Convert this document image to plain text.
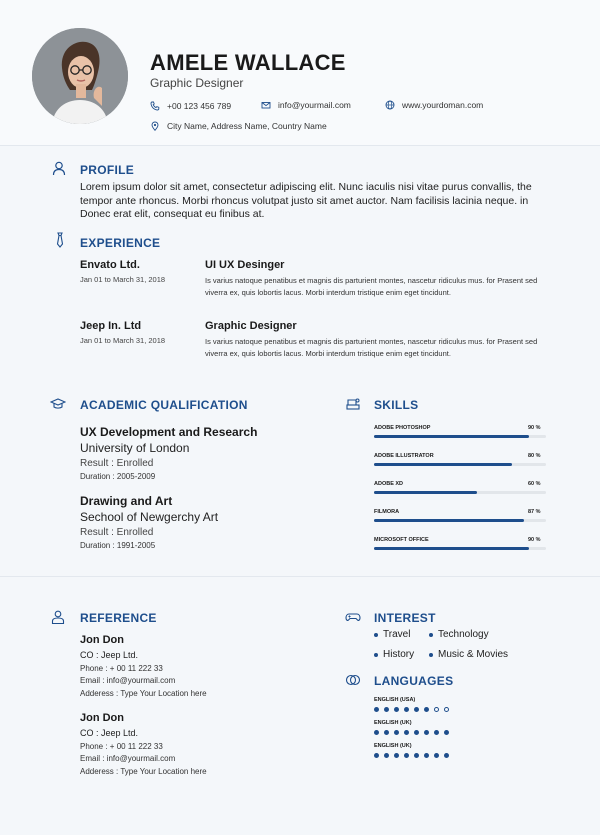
AMELE WALLACE
Graphic Designer
+00 123 456 789	info@yourmail.com	www.yourdoman.com
City Name, Address Name, Country Name
PROFILE
Lorem ipsum dolor sit amet, consectetur adipiscing elit. Nunc iaculis nisi vitae purus convallis, the tempor ante rhoncus. Morbi rhoncus volutpat justo sit amet auctor. Nam facilisis lacinia neque. in Donec erat elit, consequat eu finibus at.
EXPERIENCE
Envato Ltd.
Jan 01 to March 31, 2018
UI UX Desinger
Is varius natoque penatibus et magnis dis parturient montes, nascetur ridiculus mus. for Prasent sed viverra ex, quis lobortis lacus. Morbi interdum tristique enim eget tincidunt.
Jeep In. Ltd
Jan 01 to March 31, 2018
Graphic Designer
Is varius natoque penatibus et magnis dis parturient montes, nascetur ridiculus mus. for Prasent sed viverra ex, quis lobortis lacus. Morbi interdum tristique enim eget tincidunt.
ACADEMIC QUALIFICATION
UX Development and Research
University of London
Result : Enrolled
Duration : 2005-2009
Drawing and Art
Sechool of Newgerchy Art
Result : Enrolled
Duration : 1991-2005
SKILLS
ADOBE PHOTOSHOP	90 %
ADOBE ILLUSTRATOR	80 %
ADOBE XD	60 %
FILMORA	87 %
MICROSOFT OFFICE	90 %
REFERENCE
Jon Don
CO : Jeep Ltd.
Phone : + 00 11 222 33
Email : info@yourmail.com
Adderess : Type Your Location here
Jon Don
CO : Jeep Ltd.
Phone : + 00 11 222 33
Email : info@yourmail.com
Adderess : Type Your Location here
INTEREST
Travel	Technology
History Music & Movies
LANGUAGES
ENGLISH (USA)
ENGLISH (UK)
ENGLISH (UK)
